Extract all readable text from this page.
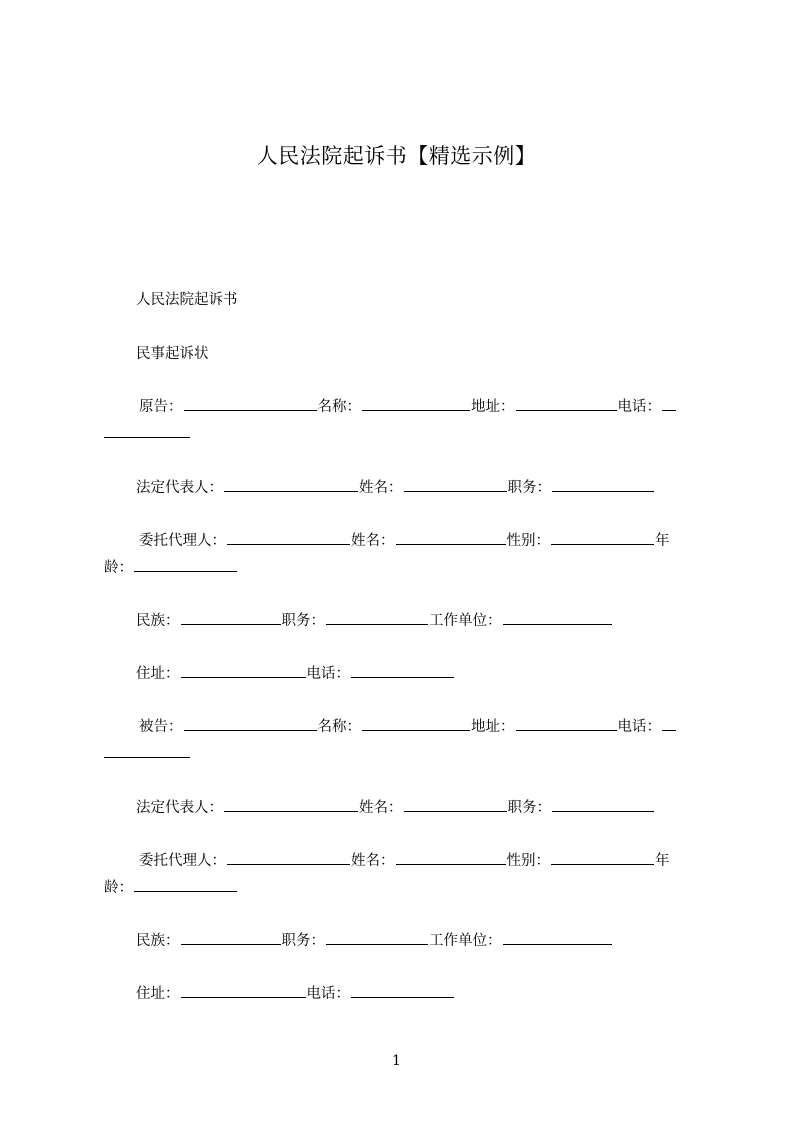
人民法院起诉书【精选示例】
人民法院起诉书
民事起诉状
原告：	名称：	地址：	电话：
法定代表人：	姓名：	职务：
委托代理人：	姓名：	性别：	年
龄：
民族：	职务：	工作单位：
住址：	电话：
被告：	名称：	地址：	电话：
法定代表人：	姓名：	职务：
委托代理人：	姓名：	性别：	年
龄：
民族：	职务：	工作单位：
住址：	电话：
1
